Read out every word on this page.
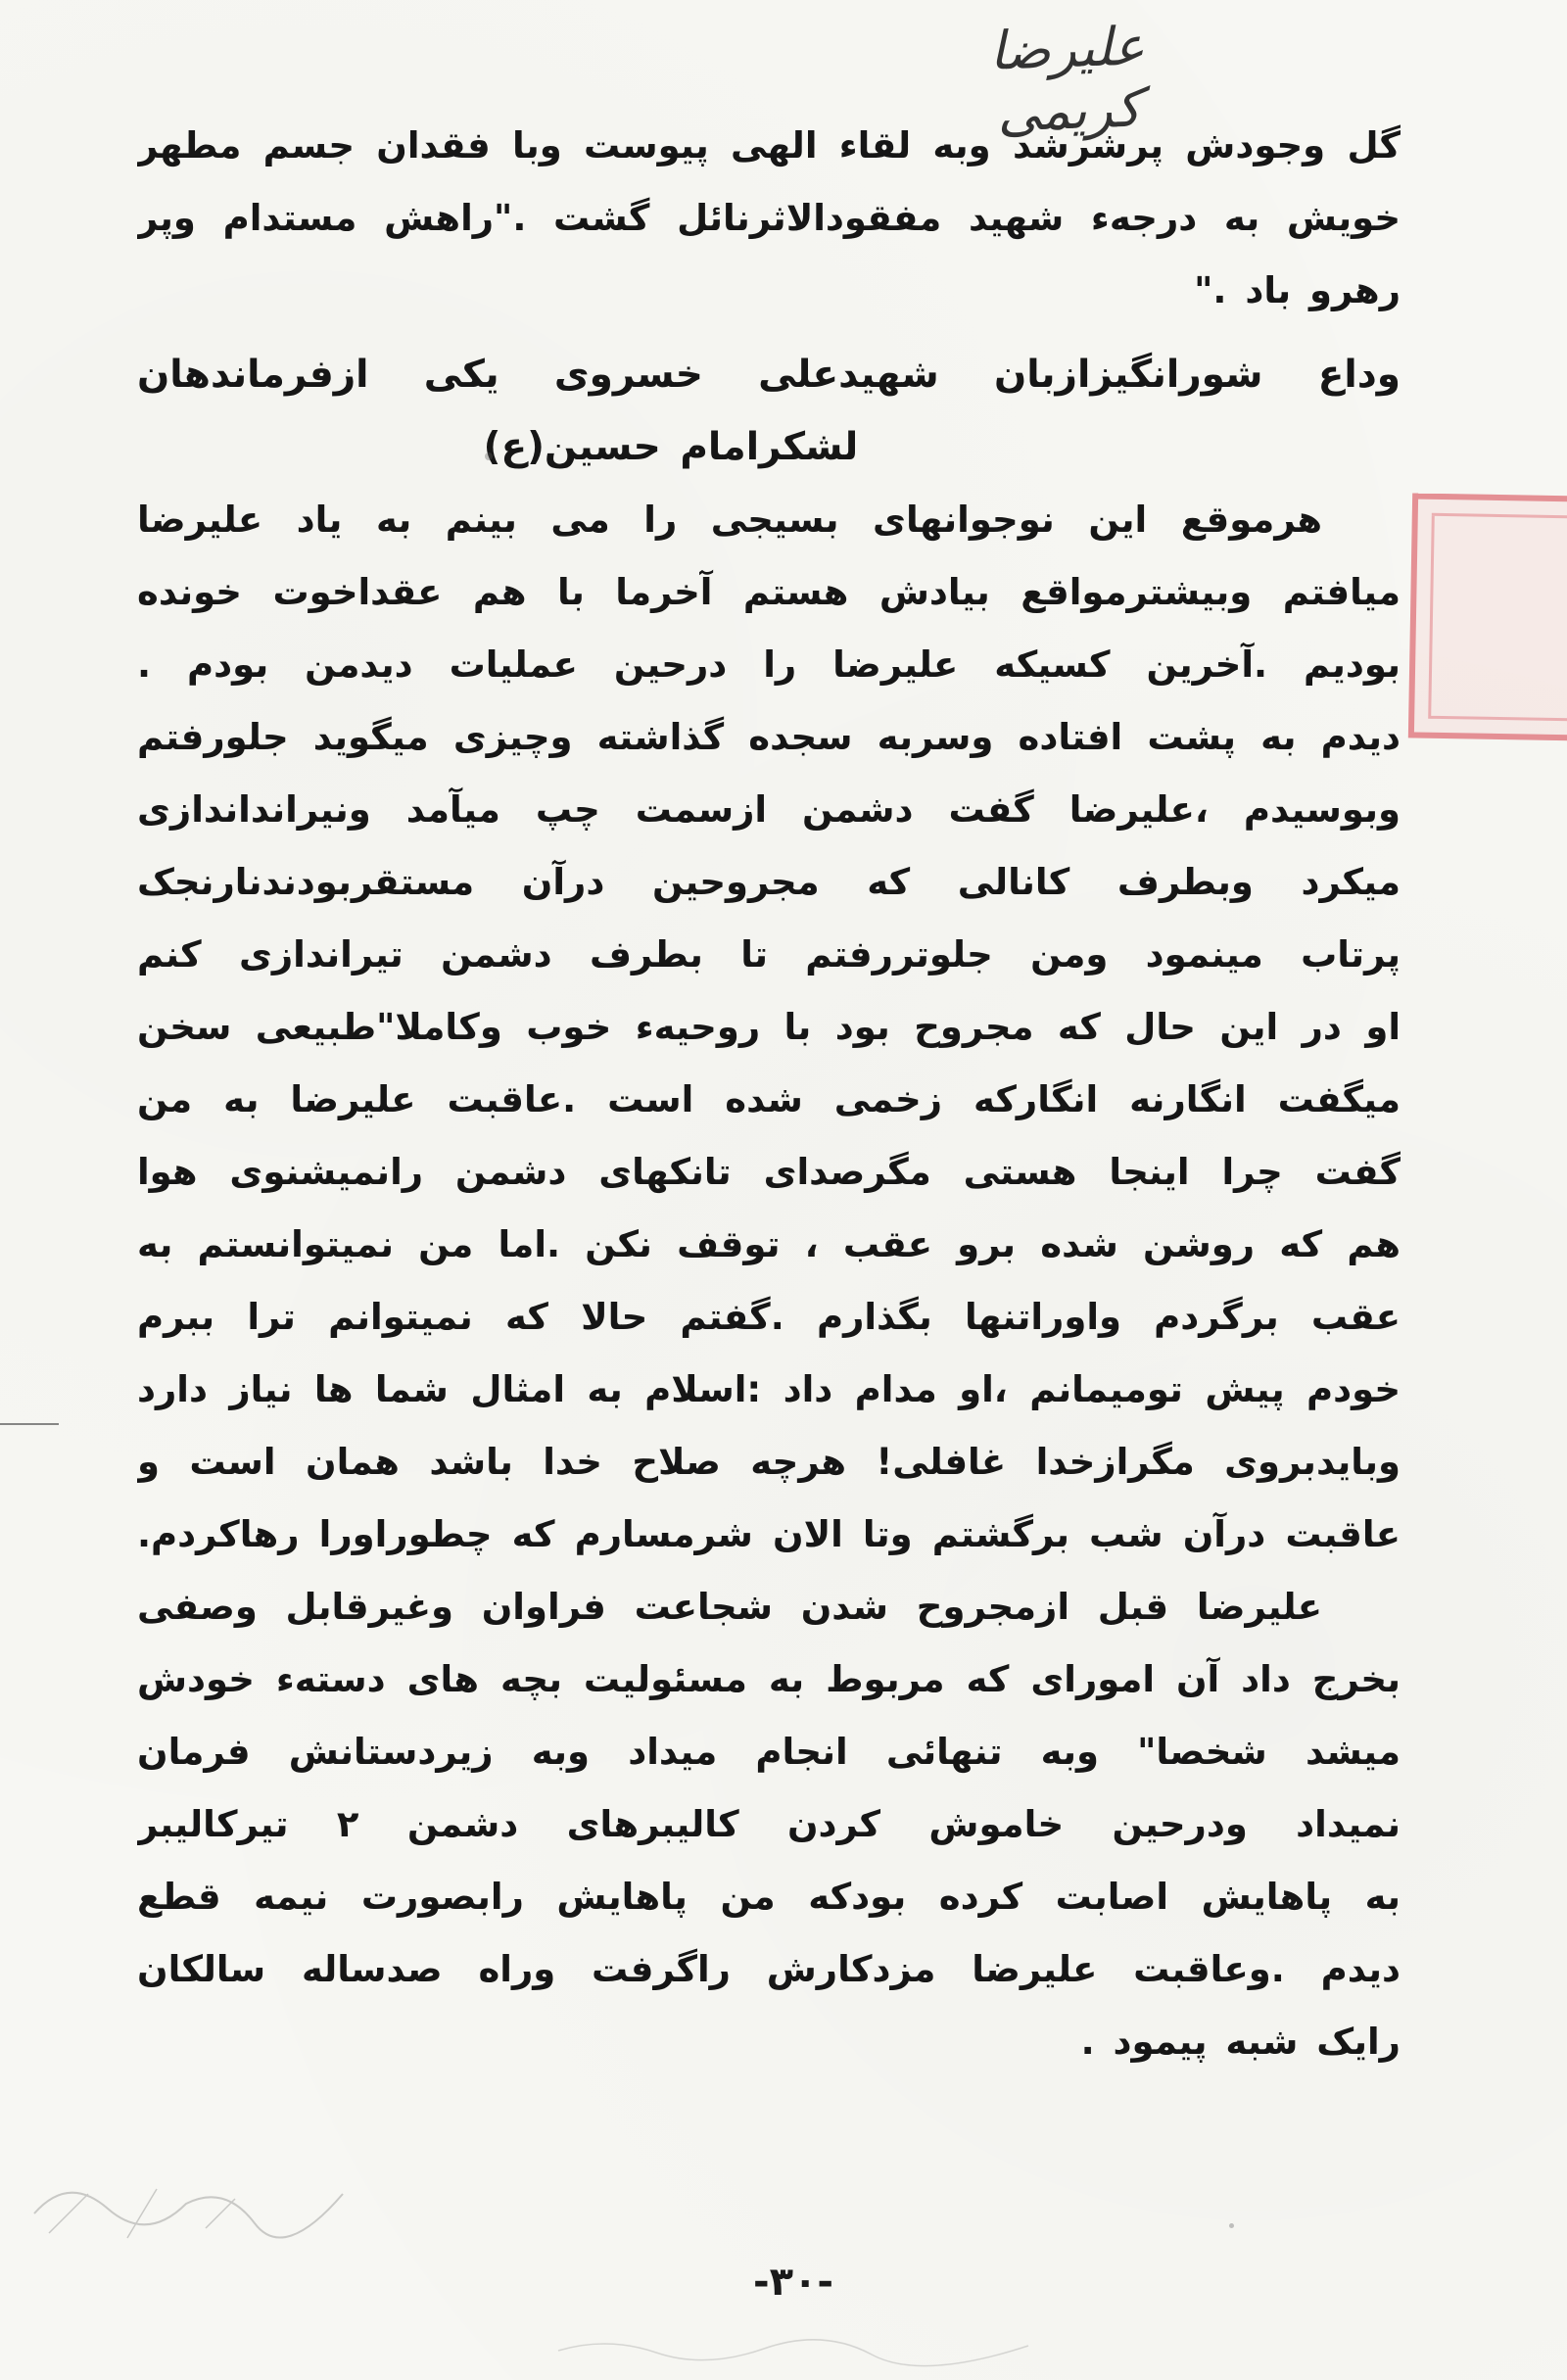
علیرضا کریمی
گل وجودش پرشرشد وبه لقاء الهی پیوست وبا فقدان جسم مطهر
خویش به درجهء شهید مفقودالاثرنائل گشت ."راهش مستدام وپر
رهرو باد ."
وداع شورانگیزازبان شهیدعلی خسروی یکی ازفرماندهان
لشکرامام حسین(ع)
هرموقع این نوجوانهای بسیجی را می بینم به یاد علیرضا
میافتم وبیشترمواقع بیادش هستم آخرما با هم عقداخوت خونده
بودیم .آخرین کسیکه علیرضا را درحین عملیات دیدمن بودم .
دیدم به پشت افتاده وسربه سجده گذاشته وچیزی میگوید جلورفتم
وبوسیدم ،علیرضا گفت دشمن ازسمت چپ میآمد ونیرانداندازی
میکرد وبطرف کانالی که مجروحین درآن مستقربودندنارنجک
پرتاب مینمود ومن جلوتررفتم تا بطرف دشمن تیراندازی کنم
او در این حال که مجروح بود با روحیهء خوب وکاملا"طبیعی سخن
میگفت انگارنه انگارکه زخمی شده است .عاقبت علیرضا به من
گفت چرا اینجا هستی مگرصدای تانکهای دشمن رانمیشنوی هوا
هم که روشن شده برو عقب ، توقف نکن .اما من نمیتوانستم به
عقب برگردم واوراتنها بگذارم .گفتم حالا که نمیتوانم ترا ببرم
خودم پیش تومیمانم ،او مدام داد :اسلام به امثال شما ها نیاز دارد
وبایدبروی مگرازخدا غافلی! هرچه صلاح خدا باشد همان است و
عاقبت درآن شب برگشتم وتا الان شرمسارم که چطوراورا رهاکردم.
علیرضا قبل ازمجروح شدن شجاعت فراوان وغیرقابل وصفی
بخرج داد آن امورای که مربوط به مسئولیت بچه های دستهء خودش
میشد شخصا" وبه تنهائی انجام میداد وبه زیردستانش فرمان
نمیداد ودرحین خاموش کردن کالیبرهای دشمن ۲ تیرکالیبر
به پاهایش اصابت کرده بودکه من پاهایش رابصورت نیمه قطع
دیدم .وعاقبت علیرضا مزدکارش راگرفت وراه صدساله سالکان
رایک شبه پیمود .
-۳۰-
